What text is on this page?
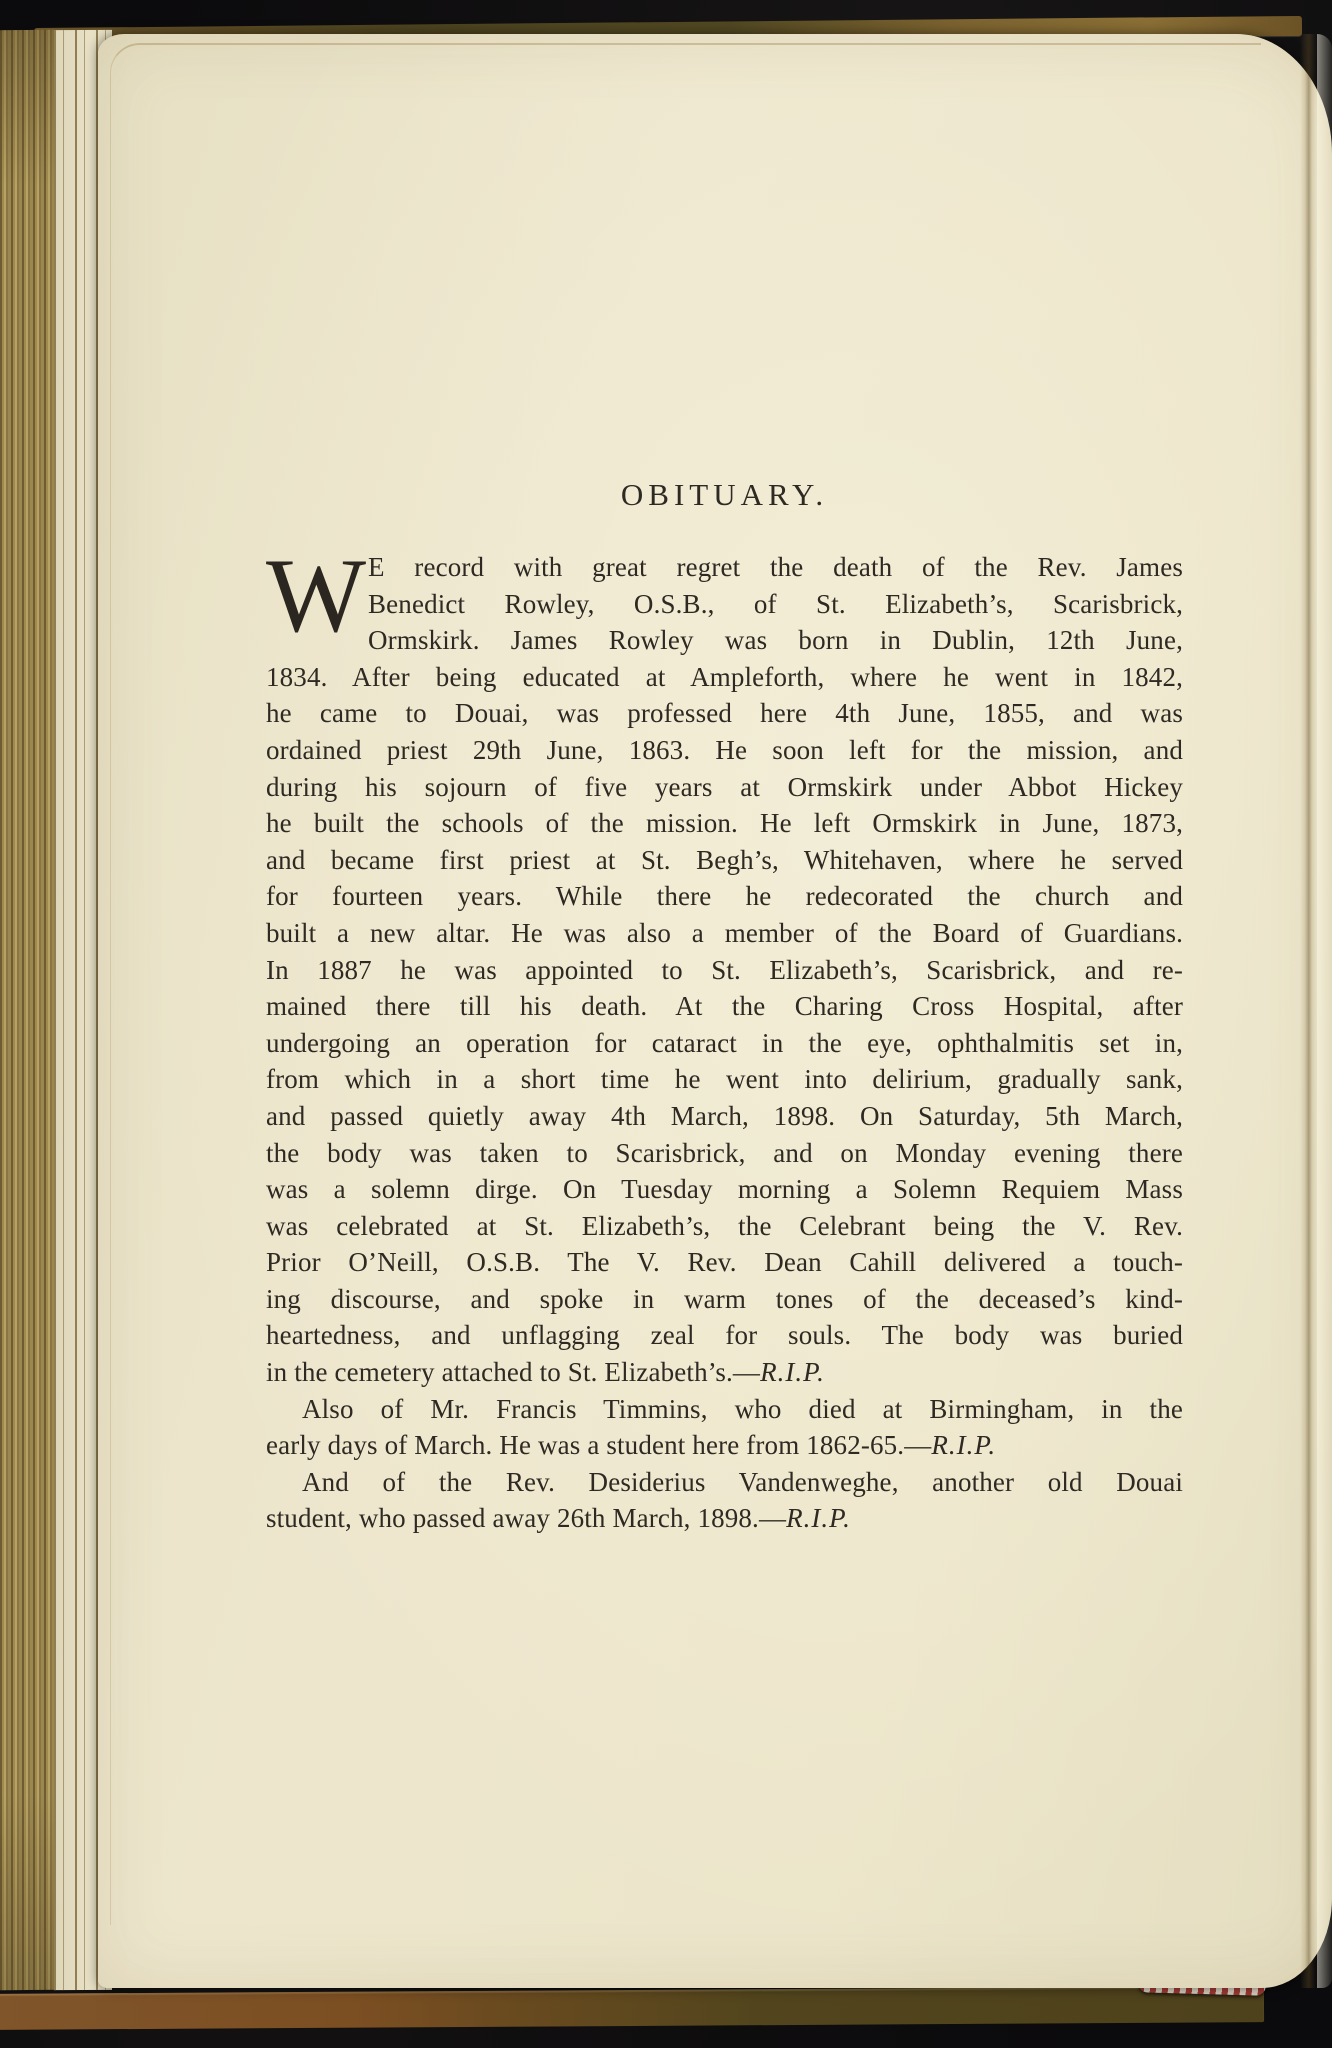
OBITUARY.
W E record with great regret the death of the Rev. James
Benedict Rowley, O.S.B., of St. Elizabeth’s, Scarisbrick,
Ormskirk. James Rowley was born in Dublin, 12th June,
1834. After being educated at Ampleforth, where he went in 1842,
he came to Douai, was professed here 4th June, 1855, and was
ordained priest 29th June, 1863. He soon left for the mission, and
during his sojourn of five years at Ormskirk under Abbot Hickey
he built the schools of the mission. He left Ormskirk in June, 1873,
and became first priest at St. Begh’s, Whitehaven, where he served
for fourteen years. While there he redecorated the church and
built a new altar. He was also a member of the Board of Guardians.
In 1887 he was appointed to St. Elizabeth’s, Scarisbrick, and re-
mained there till his death. At the Charing Cross Hospital, after
undergoing an operation for cataract in the eye, ophthalmitis set in,
from which in a short time he went into delirium, gradually sank,
and passed quietly away 4th March, 1898. On Saturday, 5th March,
the body was taken to Scarisbrick, and on Monday evening there
was a solemn dirge. On Tuesday morning a Solemn Requiem Mass
was celebrated at St. Elizabeth’s, the Celebrant being the V. Rev.
Prior O’Neill, O.S.B. The V. Rev. Dean Cahill delivered a touch-
ing discourse, and spoke in warm tones of the deceased’s kind-
heartedness, and unflagging zeal for souls. The body was buried
in the cemetery attached to St. Elizabeth’s.—R.I.P.
Also of Mr. Francis Timmins, who died at Birmingham, in the
early days of March. He was a student here from 1862-65.—R.I.P.
And of the Rev. Desiderius Vandenweghe, another old Douai
student, who passed away 26th March, 1898.—R.I.P.
